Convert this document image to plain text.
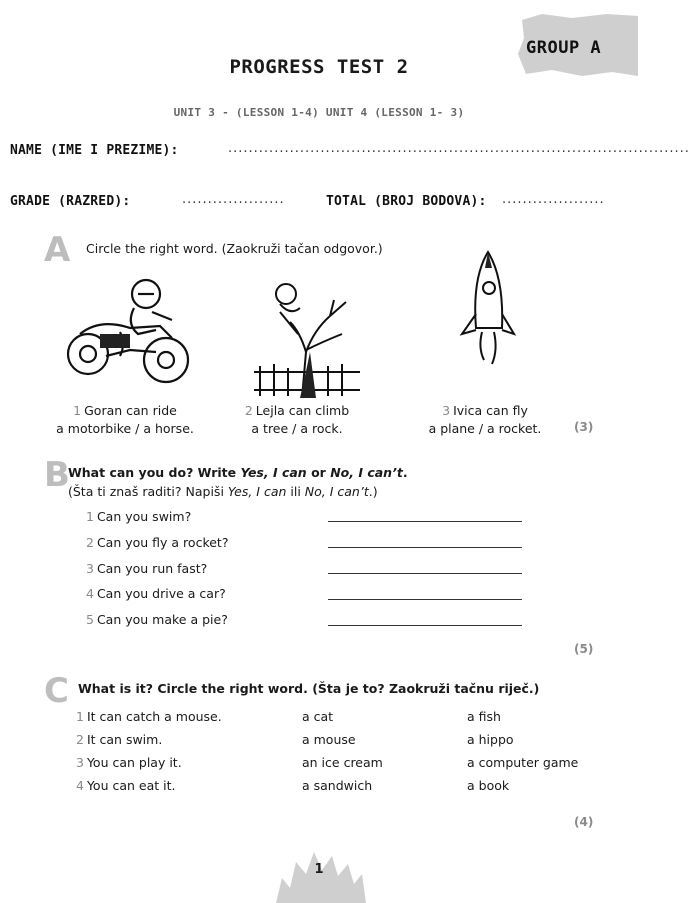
GROUP A
PROGRESS TEST 2
UNIT 3 - (LESSON 1-4) UNIT 4 (LESSON 1- 3)
NAME (IME I PREZIME):	..........................................................................................
GRADE (RAZRED):	....................	TOTAL (BROJ BODOVA): ....................
A Circle the right word. (Zaokruži tačan odgovor.)
1 Goran can ride
a motorbike / a horse.
2 Lejla can climb
a tree / a rock.
3 Ivica can fly
a plane / a rocket.	(3)
B
What can you do? Write Yes, I can or No, I can’t.
(Šta ti znaš raditi? Napiši Yes, I can ili No, I can’t.)
1 Can you swim?
2 Can you fly a rocket?
3 Can you run fast?
4 Can you drive a car?
5 Can you make a pie?
(5)
C What is it? Circle the right word. (Šta je to? Zaokruži tačnu riječ.)
1 It can catch a mouse.	a cat	a fish
2 It can swim.	a mouse	a hippo
3 You can play it.	an ice cream	a computer game
4 You can eat it.	a sandwich	a book
(4)
1
